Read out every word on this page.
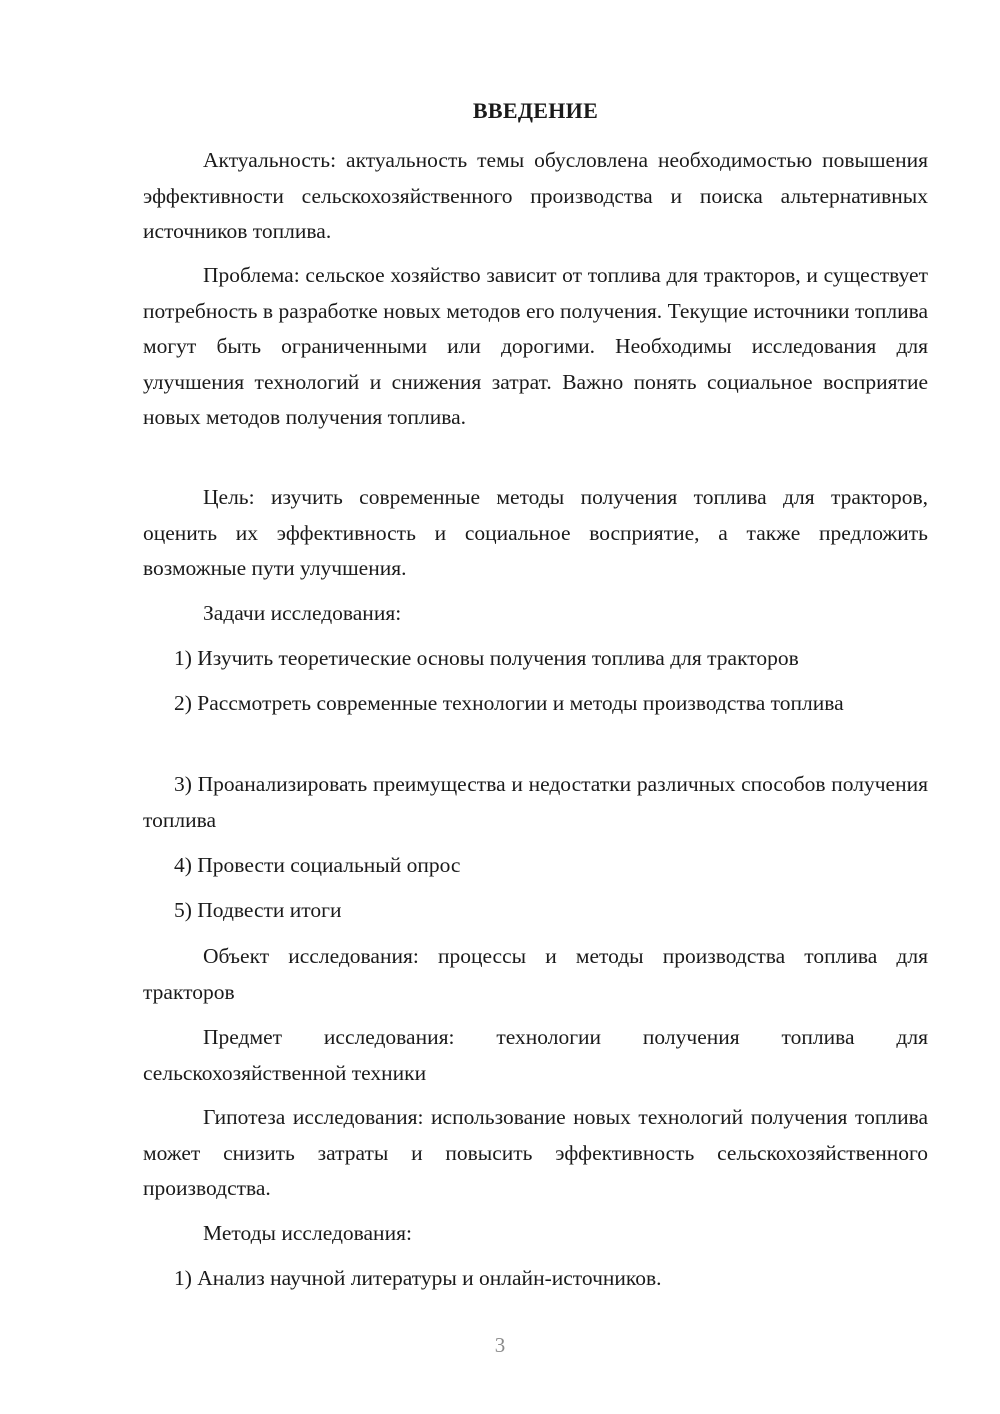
ВВЕДЕНИЕ

Актуальность: актуальность темы обусловлена необходимостью повышения эффективности сельскохозяйственного производства и поиска альтернативных источников топлива.

Проблема: сельское хозяйство зависит от топлива для тракторов, и существует потребность в разработке новых методов его получения. Текущие источники топлива могут быть ограниченными или дорогими. Необходимы исследования для улучшения технологий и снижения затрат. Важно понять социальное восприятие новых методов получения топлива.

Цель: изучить современные методы получения топлива для тракторов, оценить их эффективность и социальное восприятие, а также предложить возможные пути улучшения.

Задачи исследования:

1) Изучить теоретические основы получения топлива для тракторов

2) Рассмотреть современные технологии и методы производства топлива

3) Проанализировать преимущества и недостатки различных способов получения топлива

4) Провести социальный опрос

5) Подвести итоги

Объект исследования: процессы и методы производства топлива для тракторов

Предмет исследования: технологии получения топлива для сельскохозяйственной техники

Гипотеза исследования: использование новых технологий получения топлива может снизить затраты и повысить эффективность сельскохозяйственного производства.

Методы исследования:

1) Анализ научной литературы и онлайн-источников.

3
